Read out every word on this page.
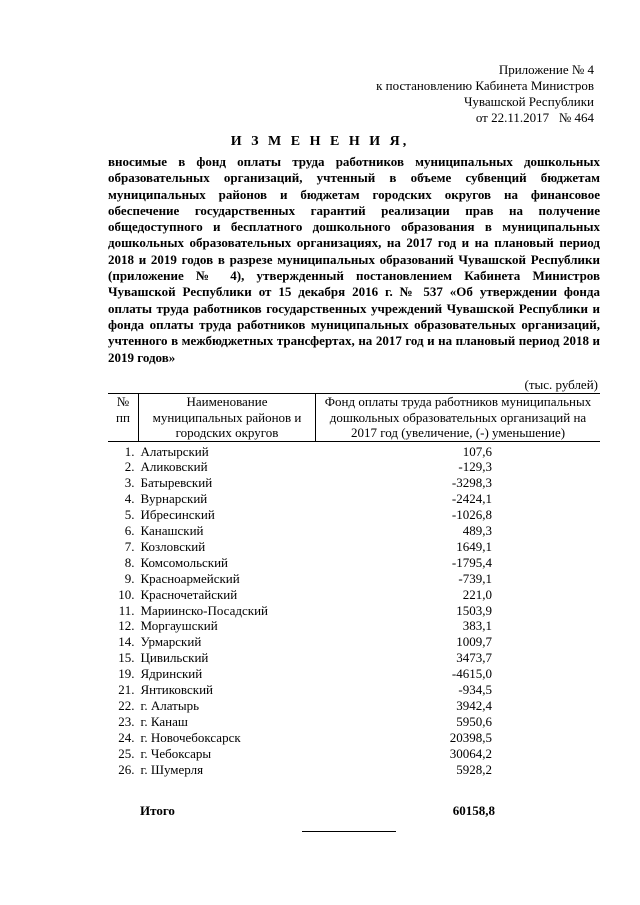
Приложение № 4
к постановлению Кабинета Министров
Чувашской Республики
от 22.11.2017   № 464
И З М Е Н Е Н И Я,
вносимые в фонд оплаты труда работников муниципальных дошкольных образовательных организаций, учтенный в объеме субвенций бюджетам муниципальных районов и бюджетам городских округов на финансовое обеспечение государственных гарантий реализации прав на получение общедоступного и бесплатного дошкольного образования в муниципальных дошкольных образовательных организациях, на 2017 год и на плановый период 2018 и 2019 годов в разрезе муниципальных образований Чувашской Республики (приложение № 4), утвержденный постановлением Кабинета Министров Чувашской Республики от 15 декабря 2016 г. № 537 «Об утверждении фонда оплаты труда работников государственных учреждений Чувашской Республики и фонда оплаты труда работников муниципальных образовательных организаций, учтенного в межбюджетных трансфертах, на 2017 год и на плановый период 2018 и 2019 годов»
(тыс. рублей)
№ пп	Наименование муниципальных районов и городских округов	Фонд оплаты труда работников муниципальных дошкольных образовательных организаций на 2017 год (увеличение, (-) уменьшение)
1.	Алатырский	107,6
2.	Аликовский	-129,3
3.	Батыревский	-3298,3
4.	Вурнарский	-2424,1
5.	Ибресинский	-1026,8
6.	Канашский	489,3
7.	Козловский	1649,1
8.	Комсомольский	-1795,4
9.	Красноармейский	-739,1
10.	Красночетайский	221,0
11.	Мариинско-Посадский	1503,9
12.	Моргаушский	383,1
14.	Урмарский	1009,7
15.	Цивильский	3473,7
19.	Ядринский	-4615,0
21.	Янтиковский	-934,5
22.	г. Алатырь	3942,4
23.	г. Канаш	5950,6
24.	г. Новочебоксарск	20398,5
25.	г. Чебоксары	30064,2
26.	г. Шумерля	5928,2
Итого	60158,8
